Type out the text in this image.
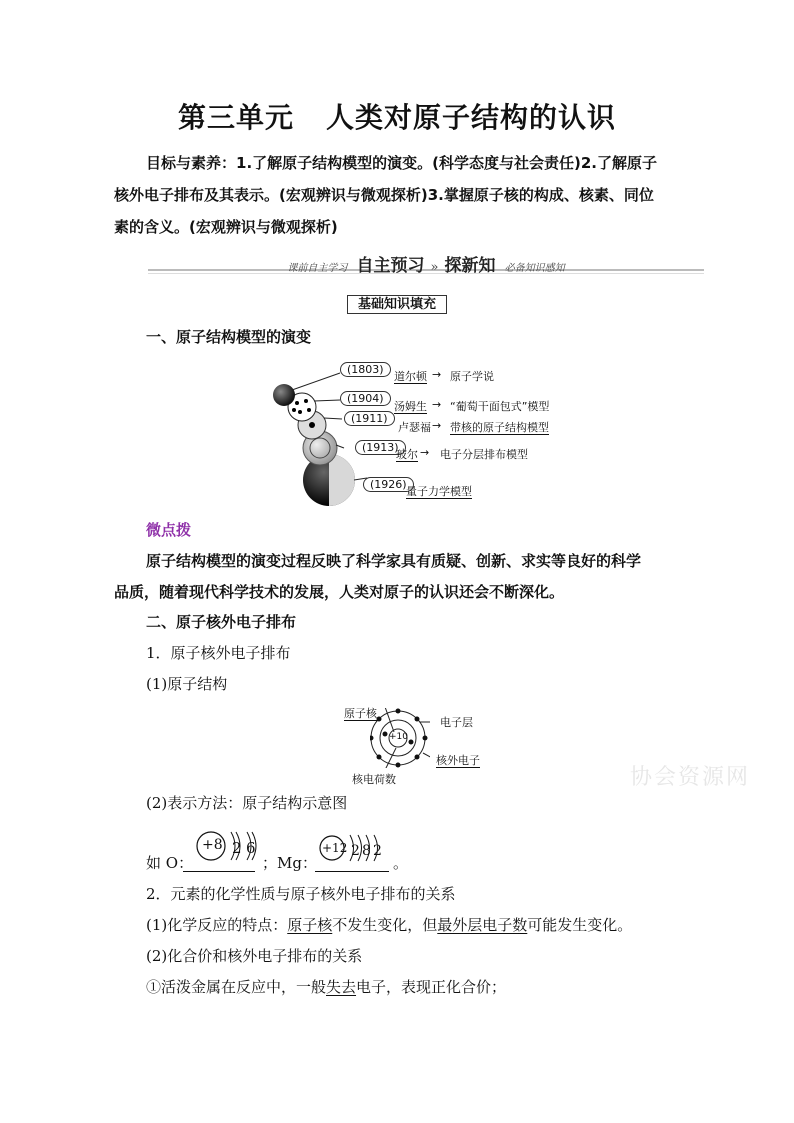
第三单元 人类对原子结构的认识
目标与素养：1.了解原子结构模型的演变。(科学态度与社会责任)2.了解原子
核外电子排布及其表示。(宏观辨识与微观探析)3.掌握原子核的构成、核素、同位
素的含义。(宏观辨识与微观探析)
课前自主学习 自主预习 » 探新知 必备知识感知
基础知识填充
一、原子结构模型的演变
(1803)
道尔顿 → 原子学说
(1904)
汤姆生 → “葡萄干面包式”模型
(1911)
卢瑟福 → 带核的原子结构模型
(1913)
玻尔 → 电子分层排布模型
(1926)
量子力学模型
微点拨
原子结构模型的演变过程反映了科学家具有质疑、创新、求实等良好的科学
品质，随着现代科学技术的发展，人类对原子的认识还会不断深化。
二、原子核外电子排布
1．原子核外电子排布
(1)原子结构
+10
原子核
电子层
核电荷数
核外电子
(2)表示方法：原子结构示意图
如 O：
+8 2 6
；Mg：
+12 2 8 2
。
2．元素的化学性质与原子核外电子排布的关系
(1)化学反应的特点：原子核不发生变化，但最外层电子数可能发生变化。
(2)化合价和核外电子排布的关系
①活泼金属在反应中，一般失去电子，表现正化合价；
协会资源网
